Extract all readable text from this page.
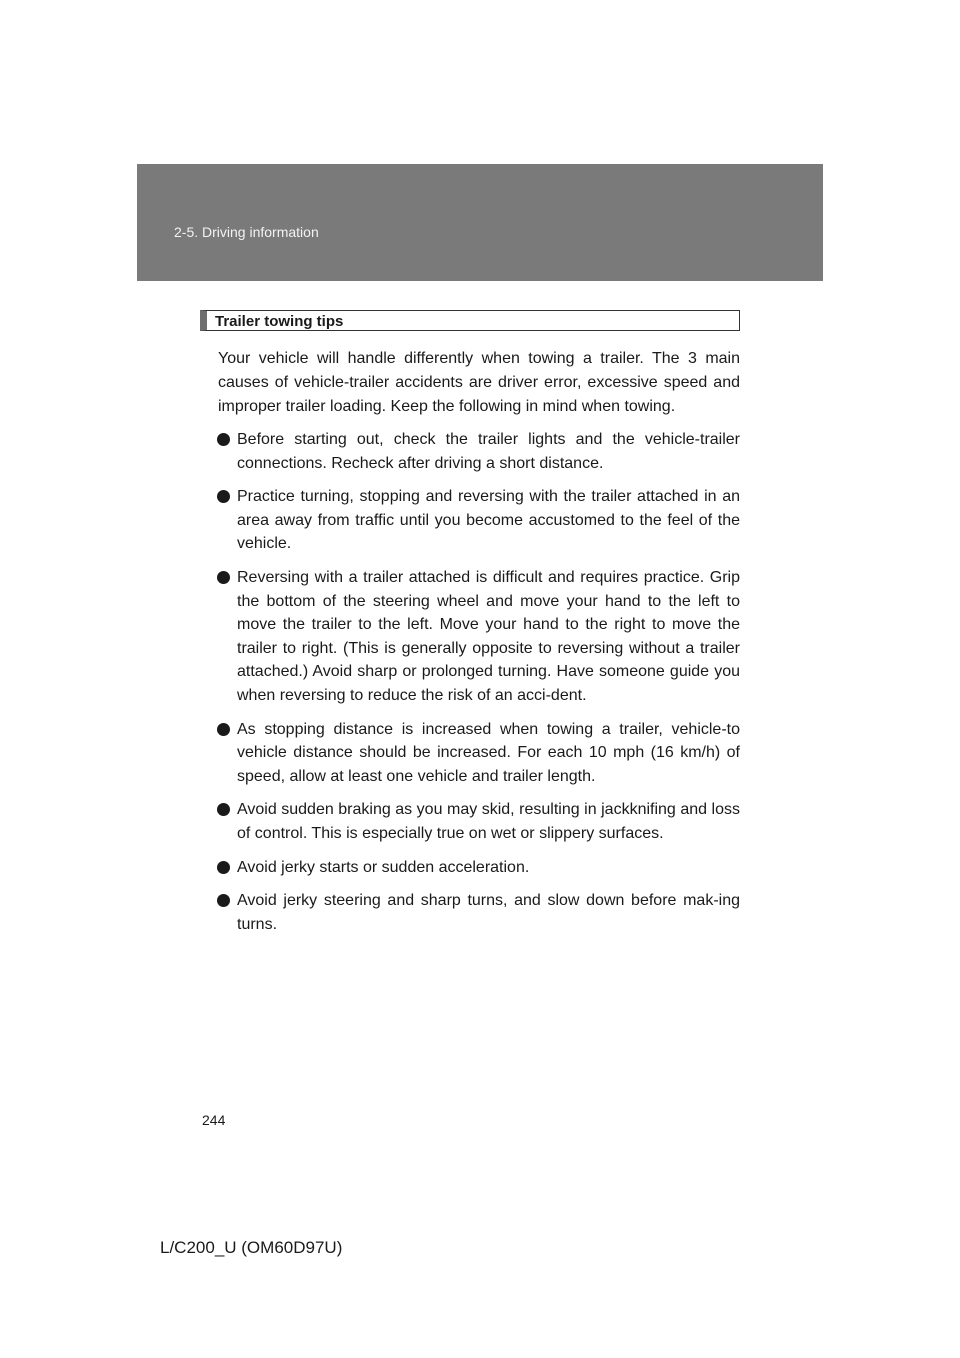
2-5. Driving information
Trailer towing tips

Your vehicle will handle differently when towing a trailer. The 3 main causes of vehicle-trailer accidents are driver error, excessive speed and improper trailer loading. Keep the following in mind when towing.

Before starting out, check the trailer lights and the vehicle-trailer connections. Recheck after driving a short distance.
Practice turning, stopping and reversing with the trailer attached in an area away from traffic until you become accustomed to the feel of the vehicle.
Reversing with a trailer attached is difficult and requires practice. Grip the bottom of the steering wheel and move your hand to the left to move the trailer to the left. Move your hand to the right to move the trailer to right. (This is generally opposite to reversing without a trailer attached.) Avoid sharp or prolonged turning. Have someone guide you when reversing to reduce the risk of an acci-dent.
As stopping distance is increased when towing a trailer, vehicle-to vehicle distance should be increased. For each 10 mph (16 km/h) of speed, allow at least one vehicle and trailer length.
Avoid sudden braking as you may skid, resulting in jackknifing and loss of control. This is especially true on wet or slippery surfaces.
Avoid jerky starts or sudden acceleration.
Avoid jerky steering and sharp turns, and slow down before mak-ing turns.
244
L/C200_U (OM60D97U)
